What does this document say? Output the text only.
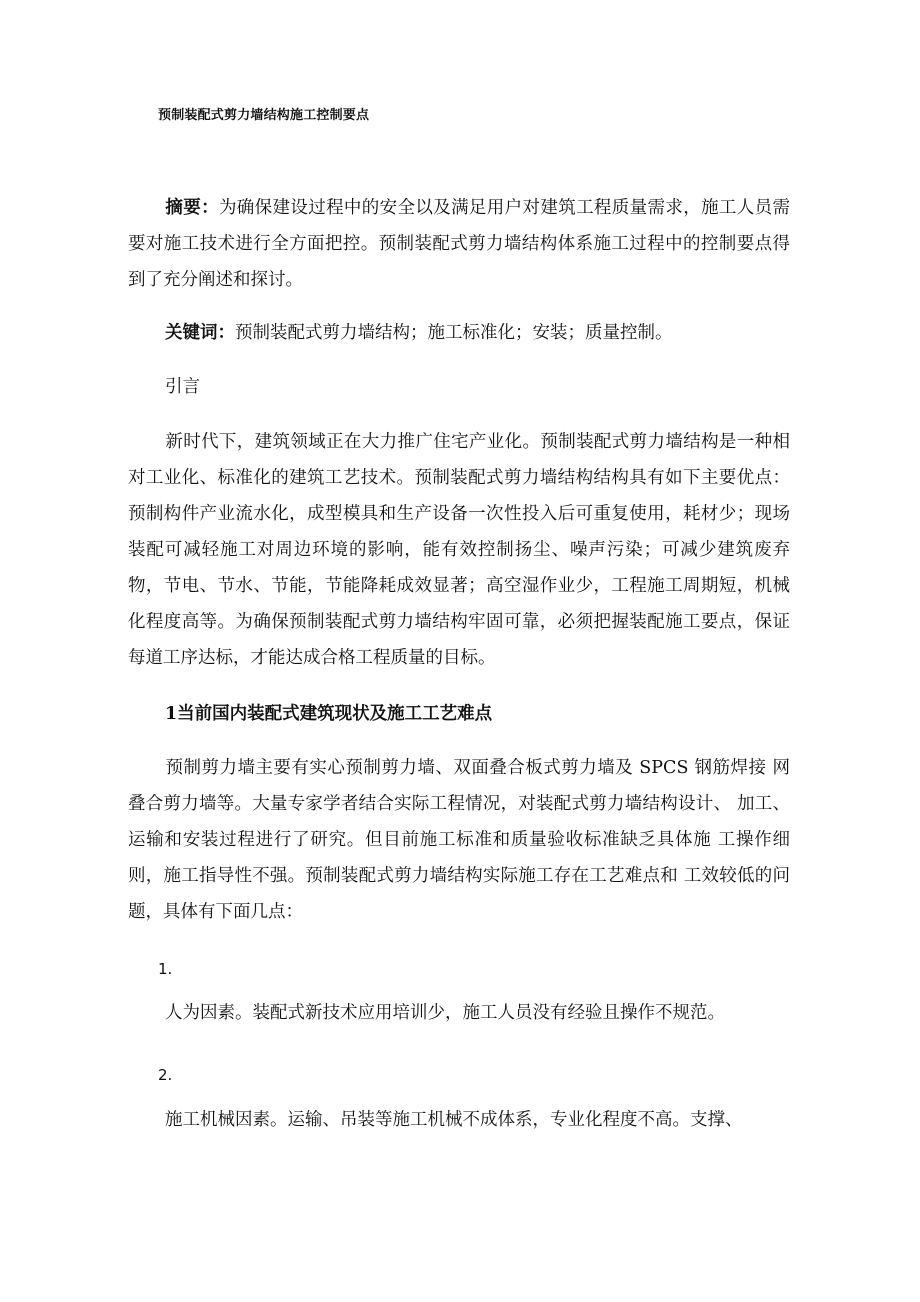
预制装配式剪力墙结构施工控制要点

摘要：为确保建设过程中的安全以及满足用户对建筑工程质量需求，施工人员需要对施工技术进行全方面把控。预制装配式剪力墙结构体系施工过程中的控制要点得到了充分阐述和探讨。

关键词：预制装配式剪力墙结构；施工标准化；安装；质量控制。

引言

新时代下，建筑领域正在大力推广住宅产业化。预制装配式剪力墙结构是一种相对工业化、标准化的建筑工艺技术。预制装配式剪力墙结构结构具有如下主要优点：预制构件产业流水化，成型模具和生产设备一次性投入后可重复使用，耗材少；现场装配可减轻施工对周边环境的影响，能有效控制扬尘、噪声污染；可减少建筑废弃物，节电、节水、节能，节能降耗成效显著；高空湿作业少，工程施工周期短，机械化程度高等。为确保预制装配式剪力墙结构牢固可靠，必须把握装配施工要点，保证每道工序达标，才能达成合格工程质量的目标。

1当前国内装配式建筑现状及施工工艺难点

预制剪力墙主要有实心预制剪力墙、双面叠合板式剪力墙及 SPCS 钢筋焊接 网叠合剪力墙等。大量专家学者结合实际工程情况，对装配式剪力墙结构设计、 加工、运输和安装过程进行了研究。但目前施工标准和质量验收标准缺乏具体施 工操作细则，施工指导性不强。预制装配式剪力墙结构实际施工存在工艺难点和 工效较低的问题，具体有下面几点：

1.

人为因素。装配式新技术应用培训少，施工人员没有经验且操作不规范。

2.

施工机械因素。运输、吊装等施工机械不成体系，专业化程度不高。支撑、
